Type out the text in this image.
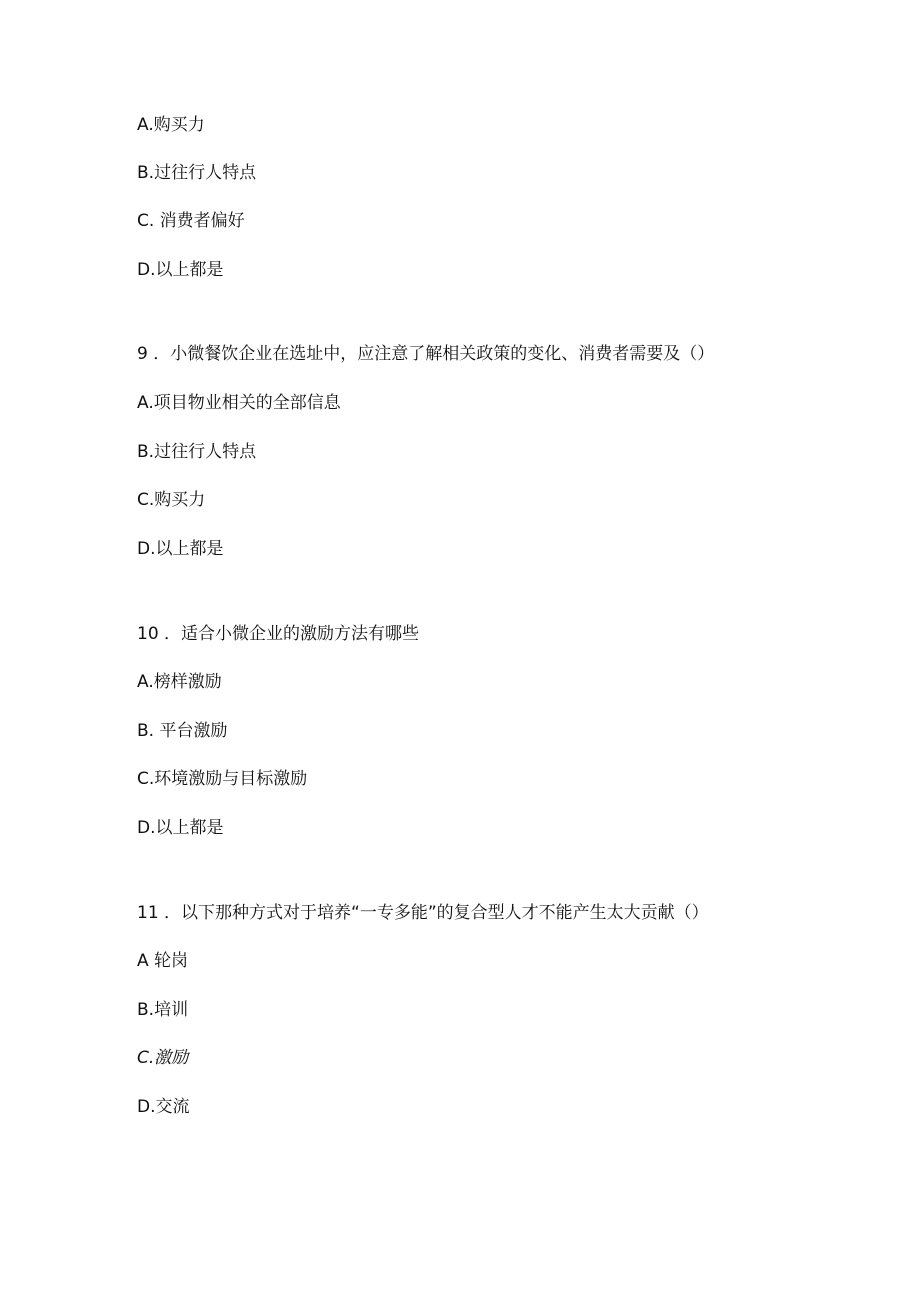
A.购买力
B.过往行人特点
C. 消费者偏好
D.以上都是
9 ．小微餐饮企业在选址中，应注意了解相关政策的变化、消费者需要及（）
A.项目物业相关的全部信息
B.过往行人特点
C.购买力
D.以上都是
10 ．适合小微企业的激励方法有哪些
A.榜样激励
B. 平台激励
C.环境激励与目标激励
D.以上都是
11 ．以下那种方式对于培养“一专多能”的复合型人才不能产生太大贡献（）
A 轮岗
B.培训
C.激励
D.交流
